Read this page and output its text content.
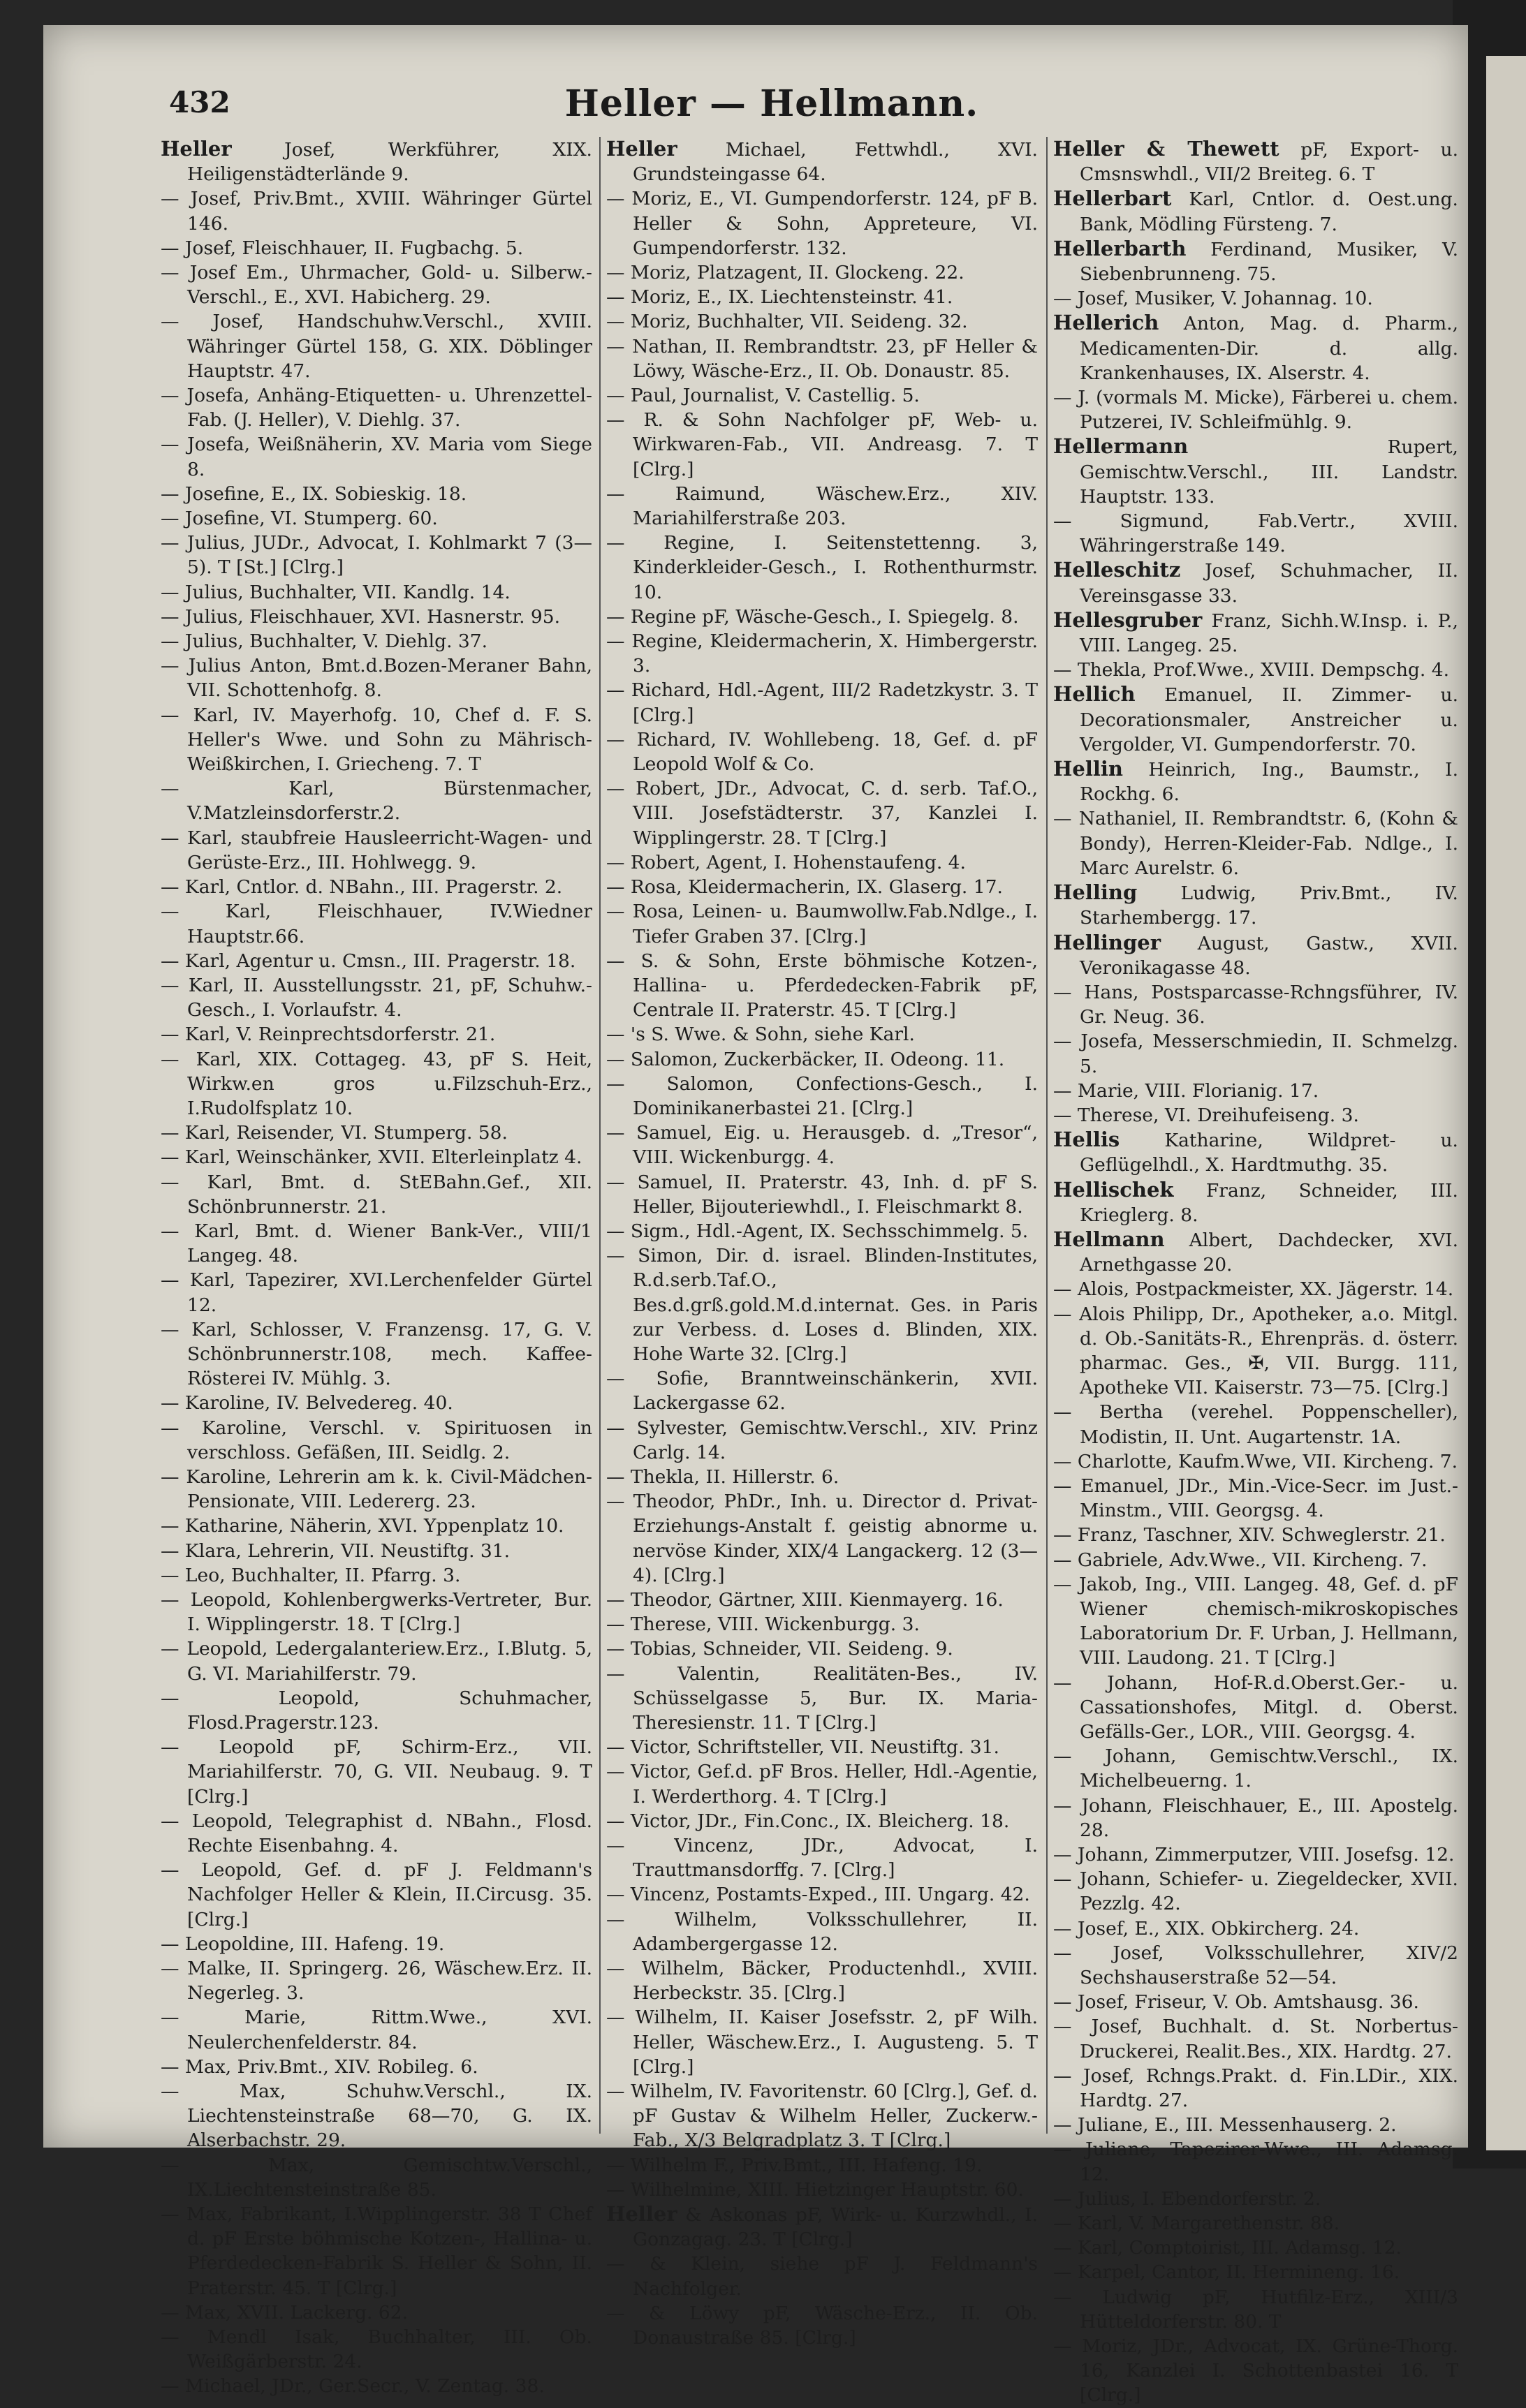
432	Heller — Hellmann.
Heller	Josef, Werkführer, XIX. Heiligenstädterlände 9.
— Josef, Priv.Bmt., XVIII. Währinger Gürtel 146.
— Josef, Fleischhauer, II. Fugbachg. 5.
— Josef Em., Uhrmacher, Gold- u. Silberw.-Verschl., E., XVI. Habicherg. 29.
— Josef, Handschuhw.Verschl., XVIII. Währinger Gürtel 158, G. XIX. Döblinger Hauptstr. 47.
— Josefa, Anhäng-Etiquetten- u. Uhrenzettel-Fab. (J. Heller), V. Diehlg. 37.
— Josefa, Weißnäherin, XV. Maria vom Siege 8.
— Josefine, E., IX. Sobieskig. 18.
— Josefine, VI. Stumperg. 60.
— Julius, JUDr., Advocat, I. Kohlmarkt 7 (3—5). T [St.] [Clrg.]
— Julius, Buchhalter, VII. Kandlg. 14.
— Julius, Fleischhauer, XVI. Hasnerstr. 95.
— Julius, Buchhalter, V. Diehlg. 37.
— Julius Anton, Bmt.d.Bozen-Meraner Bahn, VII. Schottenhofg. 8.
— Karl, IV. Mayerhofg. 10, Chef d. F. S. Heller's Wwe. und Sohn zu Mährisch-Weißkirchen, I. Griecheng. 7. T
— Karl, Bürstenmacher, V.Matzleinsdorferstr.2.
— Karl, staubfreie Hausleerricht-Wagen- und Gerüste-Erz., III. Hohlwegg. 9.
— Karl, Cntlor. d. NBahn., III. Pragerstr. 2.
— Karl, Fleischhauer, IV.Wiedner Hauptstr.66.
— Karl, Agentur u. Cmsn., III. Pragerstr. 18.
— Karl, II. Ausstellungsstr. 21, pF, Schuhw.-Gesch., I. Vorlaufstr. 4.
— Karl, V. Reinprechtsdorferstr. 21.
— Karl, XIX. Cottageg. 43, pF S. Heit, Wirkw.en gros u.Filzschuh-Erz., I.Rudolfsplatz 10.
— Karl, Reisender, VI. Stumperg. 58.
— Karl, Weinschänker, XVII. Elterleinplatz 4.
— Karl, Bmt. d. StEBahn.Gef., XII. Schönbrunnerstr. 21.
— Karl, Bmt. d. Wiener Bank-Ver., VIII/1 Langeg. 48.
— Karl, Tapezirer, XVI.Lerchenfelder Gürtel 12.
— Karl, Schlosser, V. Franzensg. 17, G. V. Schönbrunnerstr.108, mech. Kaffee-Rösterei IV. Mühlg. 3.
— Karoline, IV. Belvedereg. 40.
— Karoline, Verschl. v. Spirituosen in verschloss. Gefäßen, III. Seidlg. 2.
— Karoline, Lehrerin am k. k. Civil-Mädchen-Pensionate, VIII. Ledererg. 23.
— Katharine, Näherin, XVI. Yppenplatz 10.
— Klara, Lehrerin, VII. Neustiftg. 31.
— Leo, Buchhalter, II. Pfarrg. 3.
— Leopold, Kohlenbergwerks-Vertreter, Bur. I. Wipplingerstr. 18. T [Clrg.]
— Leopold, Ledergalanteriew.Erz., I.Blutg. 5, G. VI. Mariahilferstr. 79.
— Leopold, Schuhmacher, Flosd.Pragerstr.123.
— Leopold pF, Schirm-Erz., VII. Mariahilferstr. 70, G. VII. Neubaug. 9. T [Clrg.]
— Leopold, Telegraphist d. NBahn., Flosd. Rechte Eisenbahng. 4.
— Leopold, Gef. d. pF J. Feldmann's Nachfolger Heller & Klein, II.Circusg. 35. [Clrg.]
— Leopoldine, III. Hafeng. 19.
— Malke, II. Springerg. 26, Wäschew.Erz. II. Negerleg. 3.
— Marie, Rittm.Wwe., XVI. Neulerchenfelderstr. 84.
— Max, Priv.Bmt., XIV. Robileg. 6.
— Max, Schuhw.Verschl., IX. Liechtensteinstraße 68—70, G. IX. Alserbachstr. 29.
— Max, Gemischtw.Verschl., IX.Liechtensteinstraße 85.
— Max, Fabrikant, I.Wipplingerstr. 38 T Chef d. pF Erste böhmische Kotzen-, Hallina- u. Pferdedecken-Fabrik S. Heller & Sohn, II. Praterstr. 45. T [Clrg.]
— Max, XVII. Lackerg. 62.
— Mendl Isak, Buchhalter, III. Ob. Weißgärberstr. 24.
— Michael, JDr., Ger.Secr., V. Zentag. 38.
Heller	Michael, Fettwhdl., XVI. Grundsteingasse 64.
— Moriz, E., VI. Gumpendorferstr. 124, pF B. Heller & Sohn, Appreteure, VI. Gumpendorferstr. 132.
— Moriz, Platzagent, II. Glockeng. 22.
— Moriz, E., IX. Liechtensteinstr. 41.
— Moriz, Buchhalter, VII. Seideng. 32.
— Nathan, II. Rembrandtstr. 23, pF Heller & Löwy, Wäsche-Erz., II. Ob. Donaustr. 85.
— Paul, Journalist, V. Castellig. 5.
— R. & Sohn Nachfolger pF, Web- u. Wirkwaren-Fab., VII. Andreasg. 7. T [Clrg.]
— Raimund, Wäschew.Erz., XIV. Mariahilferstraße 203.
— Regine, I. Seitenstettenng. 3, Kinderkleider-Gesch., I. Rothenthurmstr. 10.
— Regine pF, Wäsche-Gesch., I. Spiegelg. 8.
— Regine, Kleidermacherin, X. Himbergerstr. 3.
— Richard, Hdl.-Agent, III/2 Radetzkystr. 3. T [Clrg.]
— Richard, IV. Wohllebeng. 18, Gef. d. pF Leopold Wolf & Co.
— Robert, JDr., Advocat, C. d. serb. Taf.O., VIII. Josefstädterstr. 37, Kanzlei I. Wipplingerstr. 28. T [Clrg.]
— Robert, Agent, I. Hohenstaufeng. 4.
— Rosa, Kleidermacherin, IX. Glaserg. 17.
— Rosa, Leinen- u. Baumwollw.Fab.Ndlge., I. Tiefer Graben 37. [Clrg.]
— S. & Sohn, Erste böhmische Kotzen-, Hallina- u. Pferdedecken-Fabrik pF, Centrale II. Praterstr. 45. T [Clrg.]
— 's S. Wwe. & Sohn, siehe Karl.
— Salomon, Zuckerbäcker, II. Odeong. 11.
— Salomon, Confections-Gesch., I. Dominikanerbastei 21. [Clrg.]
— Samuel, Eig. u. Herausgeb. d. „Tresor“, VIII. Wickenburgg. 4.
— Samuel, II. Praterstr. 43, Inh. d. pF S. Heller, Bijouteriewhdl., I. Fleischmarkt 8.
— Sigm., Hdl.-Agent, IX. Sechsschimmelg. 5.
— Simon, Dir. d. israel. Blinden-Institutes, R.d.serb.Taf.O., Bes.d.grß.gold.M.d.internat. Ges. in Paris zur Verbess. d. Loses d. Blinden, XIX. Hohe Warte 32. [Clrg.]
— Sofie, Branntweinschänkerin, XVII. Lackergasse 62.
— Sylvester, Gemischtw.Verschl., XIV. Prinz Carlg. 14.
— Thekla, II. Hillerstr. 6.
— Theodor, PhDr., Inh. u. Director d. Privat-Erziehungs-Anstalt f. geistig abnorme u. nervöse Kinder, XIX/4 Langackerg. 12 (3—4). [Clrg.]
— Theodor, Gärtner, XIII. Kienmayerg. 16.
— Therese, VIII. Wickenburgg. 3.
— Tobias, Schneider, VII. Seideng. 9.
— Valentin, Realitäten-Bes., IV. Schüsselgasse 5, Bur. IX. Maria-Theresienstr. 11. T [Clrg.]
— Victor, Schriftsteller, VII. Neustiftg. 31.
— Victor, Gef.d. pF Bros. Heller, Hdl.-Agentie, I. Werderthorg. 4. T [Clrg.]
— Victor, JDr., Fin.Conc., IX. Bleicherg. 18.
— Vincenz, JDr., Advocat, I. Trauttmansdorffg. 7. [Clrg.]
— Vincenz, Postamts-Exped., III. Ungarg. 42.
— Wilhelm, Volksschullehrer, II. Adambergergasse 12.
— Wilhelm, Bäcker, Productenhdl., XVIII. Herbeckstr. 35. [Clrg.]
— Wilhelm, II. Kaiser Josefsstr. 2, pF Wilh. Heller, Wäschew.Erz., I. Augusteng. 5. T [Clrg.]
— Wilhelm, IV. Favoritenstr. 60 [Clrg.], Gef. d. pF Gustav & Wilhelm Heller, Zuckerw.-Fab., X/3 Belgradplatz 3. T [Clrg.]
— Wilhelm F., Priv.Bmt., III. Hafeng. 19.
— Wilhelmine, XIII. Hietzinger Hauptstr. 60.
Heller & Askonas pF, Wirk- u. Kurzwhdl., I. Gonzagag. 23. T [Clrg.]
— & Klein, siehe pF J. Feldmann's Nachfolger.
— & Löwy pF, Wäsche-Erz., II. Ob. Donaustraße 85. [Clrg.]
Heller & Thewett pF, Export- u. Cmsnswhdl., VII/2 Breiteg. 6. T
Hellerbart Karl, Cntlor. d. Oest.ung. Bank, Mödling Fürsteng. 7.
Hellerbarth Ferdinand, Musiker, V. Siebenbrunneng. 75.
— Josef, Musiker, V. Johannag. 10.
Hellerich Anton, Mag. d. Pharm., Medicamenten-Dir. d. allg. Krankenhauses, IX. Alserstr. 4.
— J. (vormals M. Micke), Färberei u. chem. Putzerei, IV. Schleifmühlg. 9.
Hellermann	Rupert, Gemischtw.Verschl., III. Landstr. Hauptstr. 133.
— Sigmund, Fab.Vertr., XVIII. Währingerstraße 149.
Helleschitz Josef, Schuhmacher, II. Vereinsgasse 33.
Hellesgruber Franz, Sichh.W.Insp. i. P., VIII. Langeg. 25.
— Thekla, Prof.Wwe., XVIII. Dempschg. 4.
Hellich Emanuel, II. Zimmer- u. Decorationsmaler, Anstreicher u. Vergolder, VI. Gumpendorferstr. 70.
Hellin Heinrich, Ing., Baumstr., I. Rockhg. 6.
— Nathaniel, II. Rembrandtstr. 6, (Kohn & Bondy), Herren-Kleider-Fab. Ndlge., I. Marc Aurelstr. 6.
Helling Ludwig, Priv.Bmt., IV. Starhembergg. 17.
Hellinger August, Gastw., XVII. Veronikagasse 48.
— Hans, Postsparcasse-Rchngsführer, IV. Gr. Neug. 36.
— Josefa, Messerschmiedin, II. Schmelzg. 5.
— Marie, VIII. Florianig. 17.
— Therese, VI. Dreihufeiseng. 3.
Hellis Katharine, Wildpret- u. Geflügelhdl., X. Hardtmuthg. 35.
Hellischek Franz, Schneider, III. Krieglerg. 8.
Hellmann Albert, Dachdecker, XVI. Arnethgasse 20.
— Alois, Postpackmeister, XX. Jägerstr. 14.
— Alois Philipp, Dr., Apotheker, a.o. Mitgl. d. Ob.-Sanitäts-R., Ehrenpräs. d. österr. pharmac. Ges., ✠, VII. Burgg. 111, Apotheke VII. Kaiserstr. 73—75. [Clrg.]
— Bertha (verehel. Poppenscheller), Modistin, II. Unt. Augartenstr. 1A.
— Charlotte, Kaufm.Wwe, VII. Kircheng. 7.
— Emanuel, JDr., Min.-Vice-Secr. im Just.-Minstm., VIII. Georgsg. 4.
— Franz, Taschner, XIV. Schweglerstr. 21.
— Gabriele, Adv.Wwe., VII. Kircheng. 7.
— Jakob, Ing., VIII. Langeg. 48, Gef. d. pF Wiener chemisch-mikroskopisches Laboratorium Dr. F. Urban, J. Hellmann, VIII. Laudong. 21. T [Clrg.]
— Johann, Hof-R.d.Oberst.Ger.- u. Cassationshofes, Mitgl. d. Oberst. Gefälls-Ger., LOR., VIII. Georgsg. 4.
— Johann, Gemischtw.Verschl., IX. Michelbeuerng. 1.
— Johann, Fleischhauer, E., III. Apostelg. 28.
— Johann, Zimmerputzer, VIII. Josefsg. 12.
— Johann, Schiefer- u. Ziegeldecker, XVII. Pezzlg. 42.
— Josef, E., XIX. Obkircherg. 24.
— Josef, Volksschullehrer, XIV/2 Sechshauserstraße 52—54.
— Josef, Friseur, V. Ob. Amtshausg. 36.
— Josef, Buchhalt. d. St. Norbertus-Druckerei, Realit.Bes., XIX. Hardtg. 27.
— Josef, Rchngs.Prakt. d. Fin.LDir., XIX. Hardtg. 27.
— Juliane, E., III. Messenhauserg. 2.
— Juliane, Tapezirer-Wwe., III. Adamsg. 12.
— Julius, I. Ebendorferstr. 2.
— Karl, V. Margarethenstr. 88.
— Karl, Comptoirist, III. Adamsg. 12.
— Karpel, Cantor, II. Hermineng. 16.
— Ludwig pF, Hutfilz-Erz., XIII/3 Hütteldorferstr. 80. T
— Moriz, JDr., Advocat, IX. Grüne-Thorg. 16, Kanzlei I. Schottenbastei 16. T [Clrg.]
